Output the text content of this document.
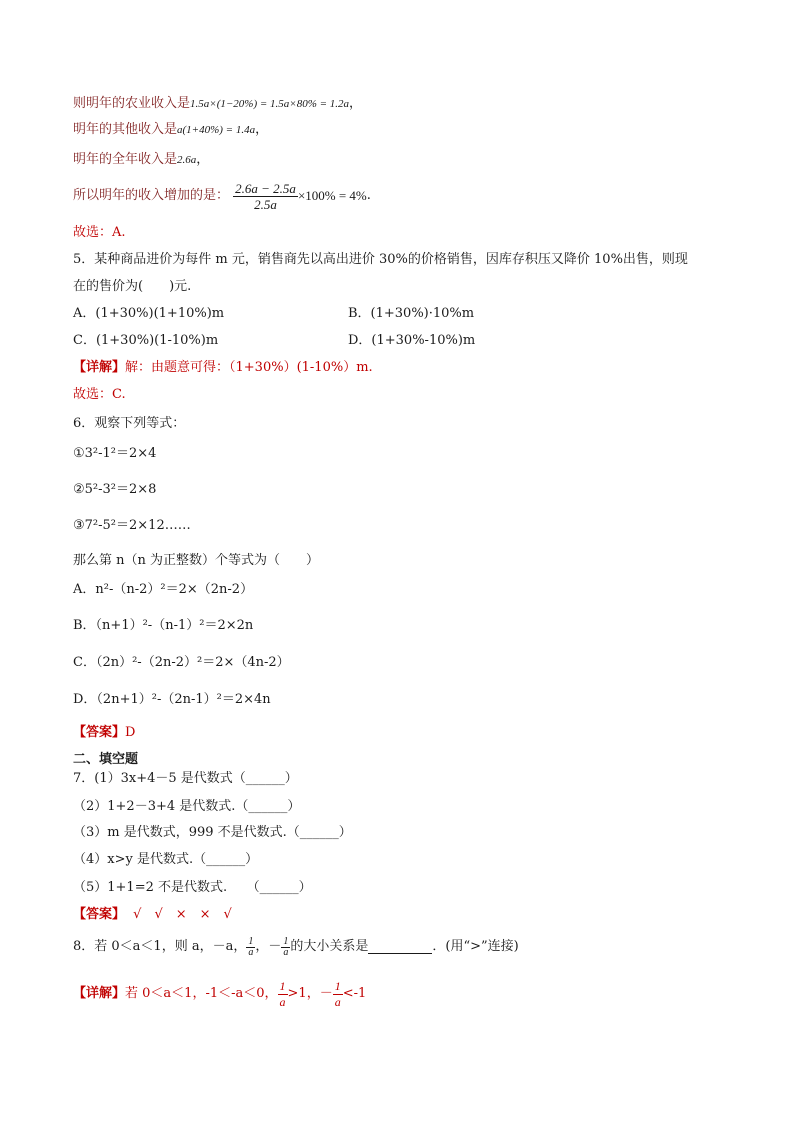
则明年的农业收入是1.5a×(1−20%) = 1.5a×80% = 1.2a，
明年的其他收入是a(1+40%) = 1.4a，
明年的全年收入是2.6a，
所以明年的收入增加的是： $\frac{2.6a - 2.5a}{2.5a} \times 100\% = 4\%$.
故选：A.
5．某种商品进价为每件 m 元，销售商先以高出进价 30%的价格销售，因库存积压又降价 10%出售，则现
在的售价为(　　)元.
A．(1+30%)(1+10%)m	B．(1+30%)·10%m
C．(1+30%)(1-10%)m	D．(1+30%-10%)m
【详解】解：由题意可得：（1+30%）(1-10%）m.
故选：C.
6．观察下列等式：
①3²-1²＝2×4
②5²-3²＝2×8
③7²-5²＝2×12……
那么第 n（n 为正整数）个等式为（　　）
A．n²-（n-2）²＝2×（2n-2）
B．（n+1）²-（n-1）²＝2×2n
C．（2n）²-（2n-2）²＝2×（4n-2）
D．（2n+1）²-（2n-1）²＝2×4n
【答案】D
二、填空题
7．(1）3x+4－5 是代数式（______）
（2）1+2－3+4 是代数式.（______）
（3）m 是代数式，999 不是代数式.（______）
（4）x>y 是代数式.（______）
（5）1+1=2 不是代数式.　　（______）
【答案】 √　√　×　×　√
8．若 0＜a＜1，则 a，－a， $\frac{1}{a}$ ，－ $\frac{1}{a}$ 的大小关系是	．(用“>”连接)
【详解】若 0＜a＜1，-1＜-a＜0， $\frac{1}{a} >1$，－ $\frac{1}{a} <-1$
